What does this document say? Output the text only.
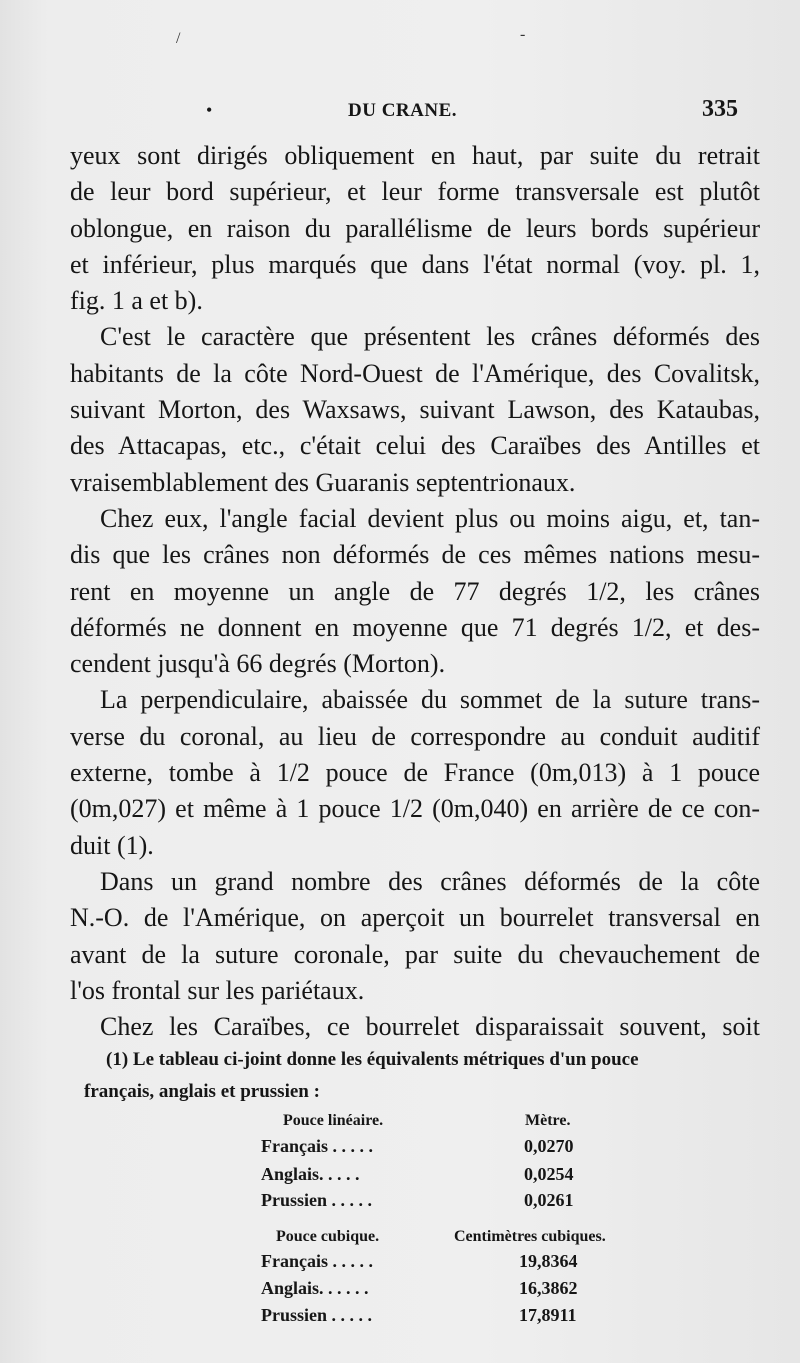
•	DU CRANE.	335
yeux sont dirigés obliquement en haut, par suite du retrait
de leur bord supérieur, et leur forme transversale est plutôt
oblongue, en raison du parallélisme de leurs bords supérieur
et inférieur, plus marqués que dans l'état normal (voy. pl. 1,
fig. 1 a et b).
C'est le caractère que présentent les crânes déformés des
habitants de la côte Nord-Ouest de l'Amérique, des Covalitsk,
suivant Morton, des Waxsaws, suivant Lawson, des Kataubas,
des Attacapas, etc., c'était celui des Caraïbes des Antilles et
vraisemblablement des Guaranis septentrionaux.
Chez eux, l'angle facial devient plus ou moins aigu, et, tan-
dis que les crânes non déformés de ces mêmes nations mesu-
rent en moyenne un angle de 77 degrés 1/2, les crânes
déformés ne donnent en moyenne que 71 degrés 1/2, et des-
cendent jusqu'à 66 degrés (Morton).
La perpendiculaire, abaissée du sommet de la suture trans-
verse du coronal, au lieu de correspondre au conduit auditif
externe, tombe à 1/2 pouce de France (0m,013) à 1 pouce
(0m,027) et même à 1 pouce 1/2 (0m,040) en arrière de ce con-
duit (1).
Dans un grand nombre des crânes déformés de la côte
N.-O. de l'Amérique, on aperçoit un bourrelet transversal en
avant de la suture coronale, par suite du chevauchement de
l'os frontal sur les pariétaux.
Chez les Caraïbes, ce bourrelet disparaissait souvent, soit
(1) Le tableau ci-joint donne les équivalents métriques d'un pouce
français, anglais et prussien :
Pouce linéaire.	Mètre.
Français . . . . .	0,0270
Anglais. . . . .	0,0254
Prussien . . . . .	0,0261
Pouce cubique.	Centimètres cubiques.
Français . . . . .	19,8364
Anglais. . . . . .	16,3862
Prussien . . . . .	17,8911
/	-
